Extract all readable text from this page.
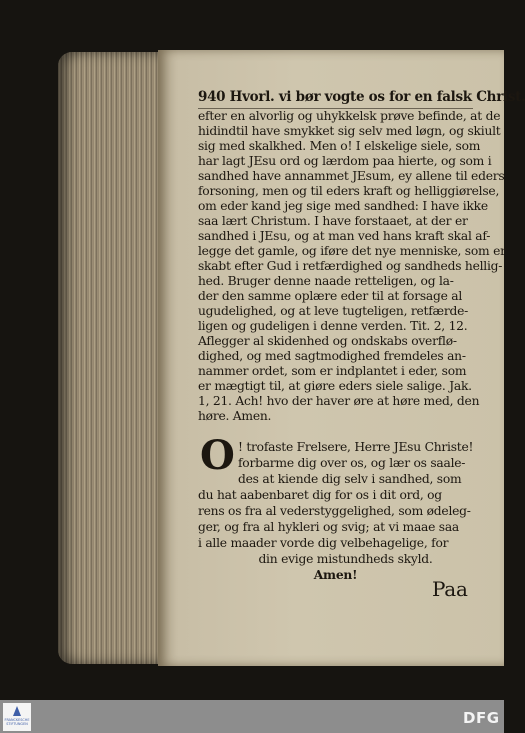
940 Hvorl. vi bør vogte os for en falsk Christ.
efter en alvorlig og uhykkelsk prøve befinde, at de
hidindtil have smykket sig selv med løgn, og skiult
sig med skalkhed. Men o! I elskelige siele, som
har lagt JEsu ord og lærdom paa hierte, og som i
sandhed have annammet JEsum, ey allene til eders
forsoning, men og til eders kraft og helliggiørelse,
om eder kand jeg sige med sandhed: I have ikke
saa lært Christum. I have forstaaet, at der er
sandhed i JEsu, og at man ved hans kraft skal af-
legge det gamle, og iføre det nye menniske, som er
skabt efter Gud i retfærdighed og sandheds hellig-
hed. Bruger denne naade retteligen, og la-
der den samme oplære eder til at forsage al
ugudelighed, og at leve tugteligen, retfærde-
ligen og gudeligen i denne verden. Tit. 2, 12.
Aflegger al skidenhed og ondskabs overflø-
dighed, og med sagtmodighed fremdeles an-
nammer ordet, som er indplantet i eder, som
er mægtigt til, at giøre eders siele salige. Jak.
1, 21. Ach! hvo der haver øre at høre med, den
høre. Amen.
O ! trofaste Frelsere, Herre JEsu Christe!
forbarme dig over os, og lær os saale-
des at kiende dig selv i sandhed, som
du hat aabenbaret dig for os i dit ord, og
rens os fra al vederstyggelighed, som ødeleg-
ger, og fra al hykleri og svig; at vi maae saa
i alle maader vorde dig velbehagelige, for
din evige mistundheds skyld.
Amen!
Paa
FRANCKESCHE STIFTUNGEN	DFG
